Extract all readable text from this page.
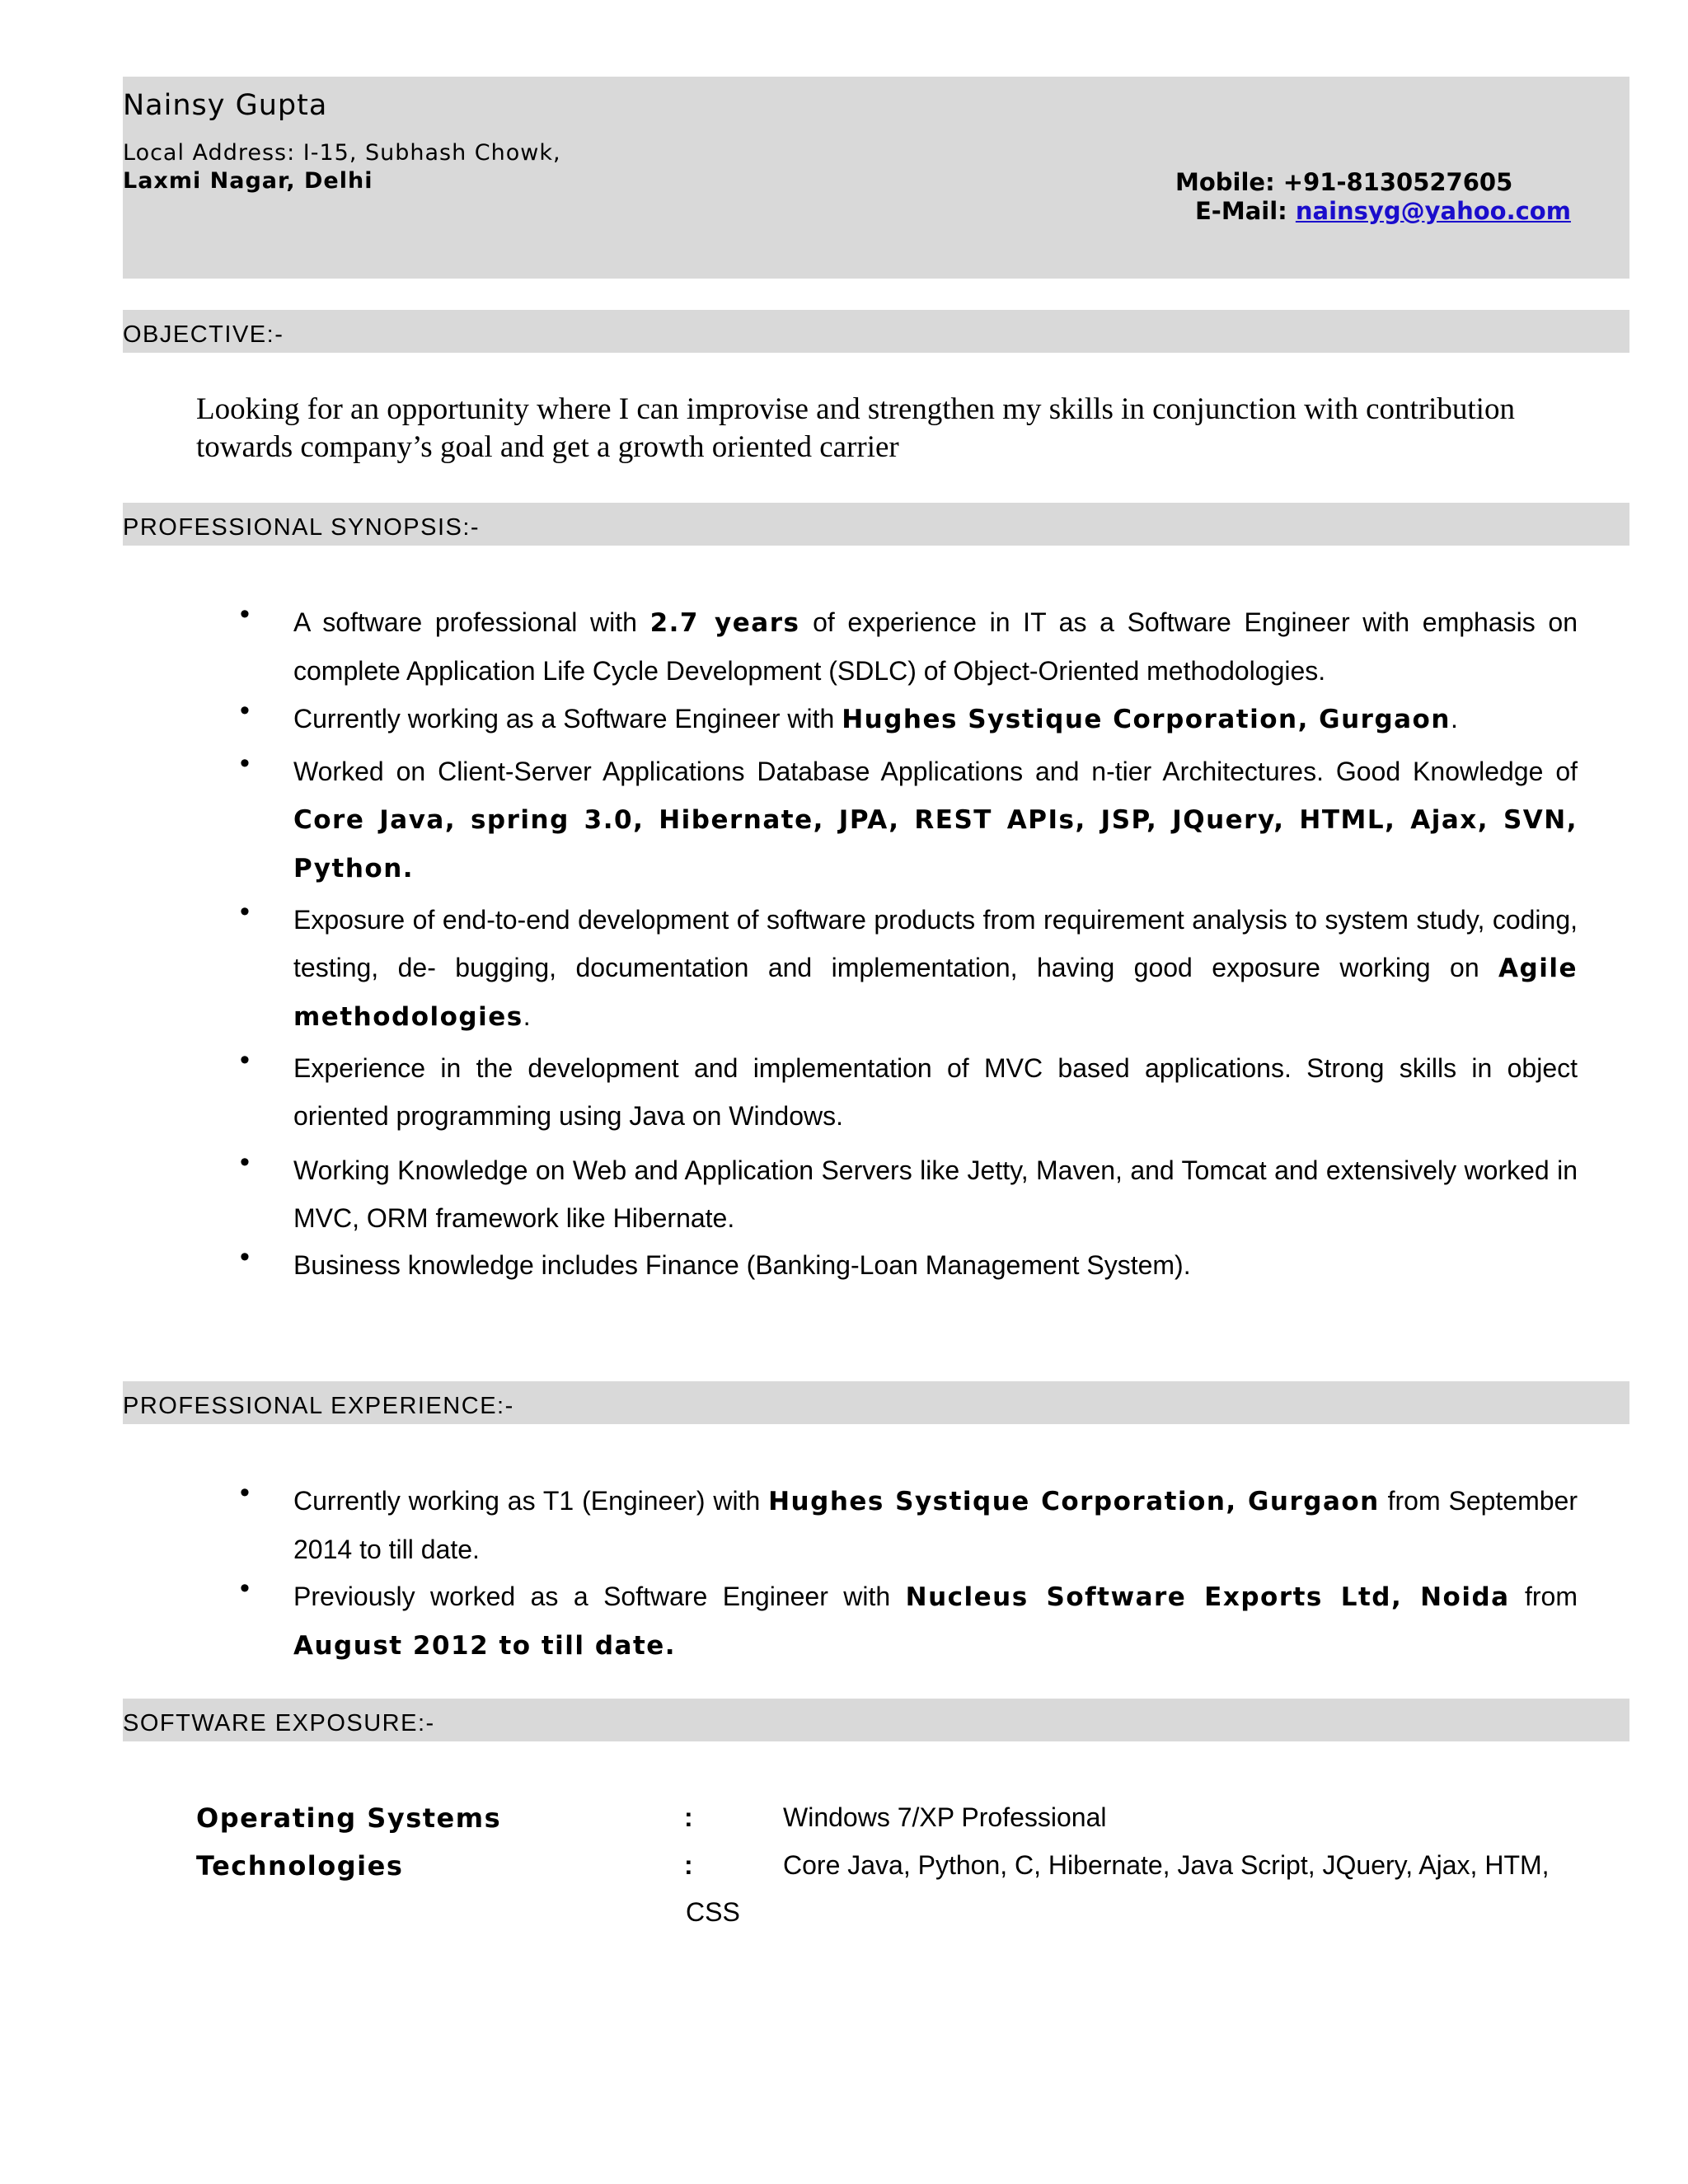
Nainsy Gupta
Local Address: I-15, Subhash Chowk,
Laxmi Nagar, Delhi	Mobile: +91-8130527605
E-Mail: nainsyg@yahoo.com
OBJECTIVE:-
Looking for an opportunity where I can improvise and strengthen my skills in conjunction with contribution towards company’s goal and get a growth oriented carrier
PROFESSIONAL SYNOPSIS:-
• A software professional with 2.7 years of experience in IT as a Software Engineer with emphasis on complete Application Life Cycle Development (SDLC) of Object-Oriented methodologies.
• Currently working as a Software Engineer with Hughes Systique Corporation, Gurgaon.
• Worked on Client-Server Applications Database Applications and n-tier Architectures. Good Knowledge of Core Java, spring 3.0, Hibernate, JPA, REST APIs, JSP, JQuery, HTML, Ajax, SVN, Python.
• Exposure of end-to-end development of software products from requirement analysis to system study, coding, testing, de- bugging, documentation and implementation, having good exposure working on Agile methodologies.
• Experience in the development and implementation of MVC based applications. Strong skills in object oriented programming using Java on Windows.
• Working Knowledge on Web and Application Servers like Jetty, Maven, and Tomcat and extensively worked in MVC, ORM framework like Hibernate.
• Business knowledge includes Finance (Banking-Loan Management System).
PROFESSIONAL EXPERIENCE:-
• Currently working as T1 (Engineer) with Hughes Systique Corporation, Gurgaon from September 2014 to till date.
• Previously worked as a Software Engineer with Nucleus Software Exports Ltd, Noida from August 2012 to till date.
SOFTWARE EXPOSURE:-
Operating Systems	:	Windows 7/XP Professional
Technologies	:	Core Java, Python, C, Hibernate, Java Script, JQuery, Ajax, HTM,
CSS
